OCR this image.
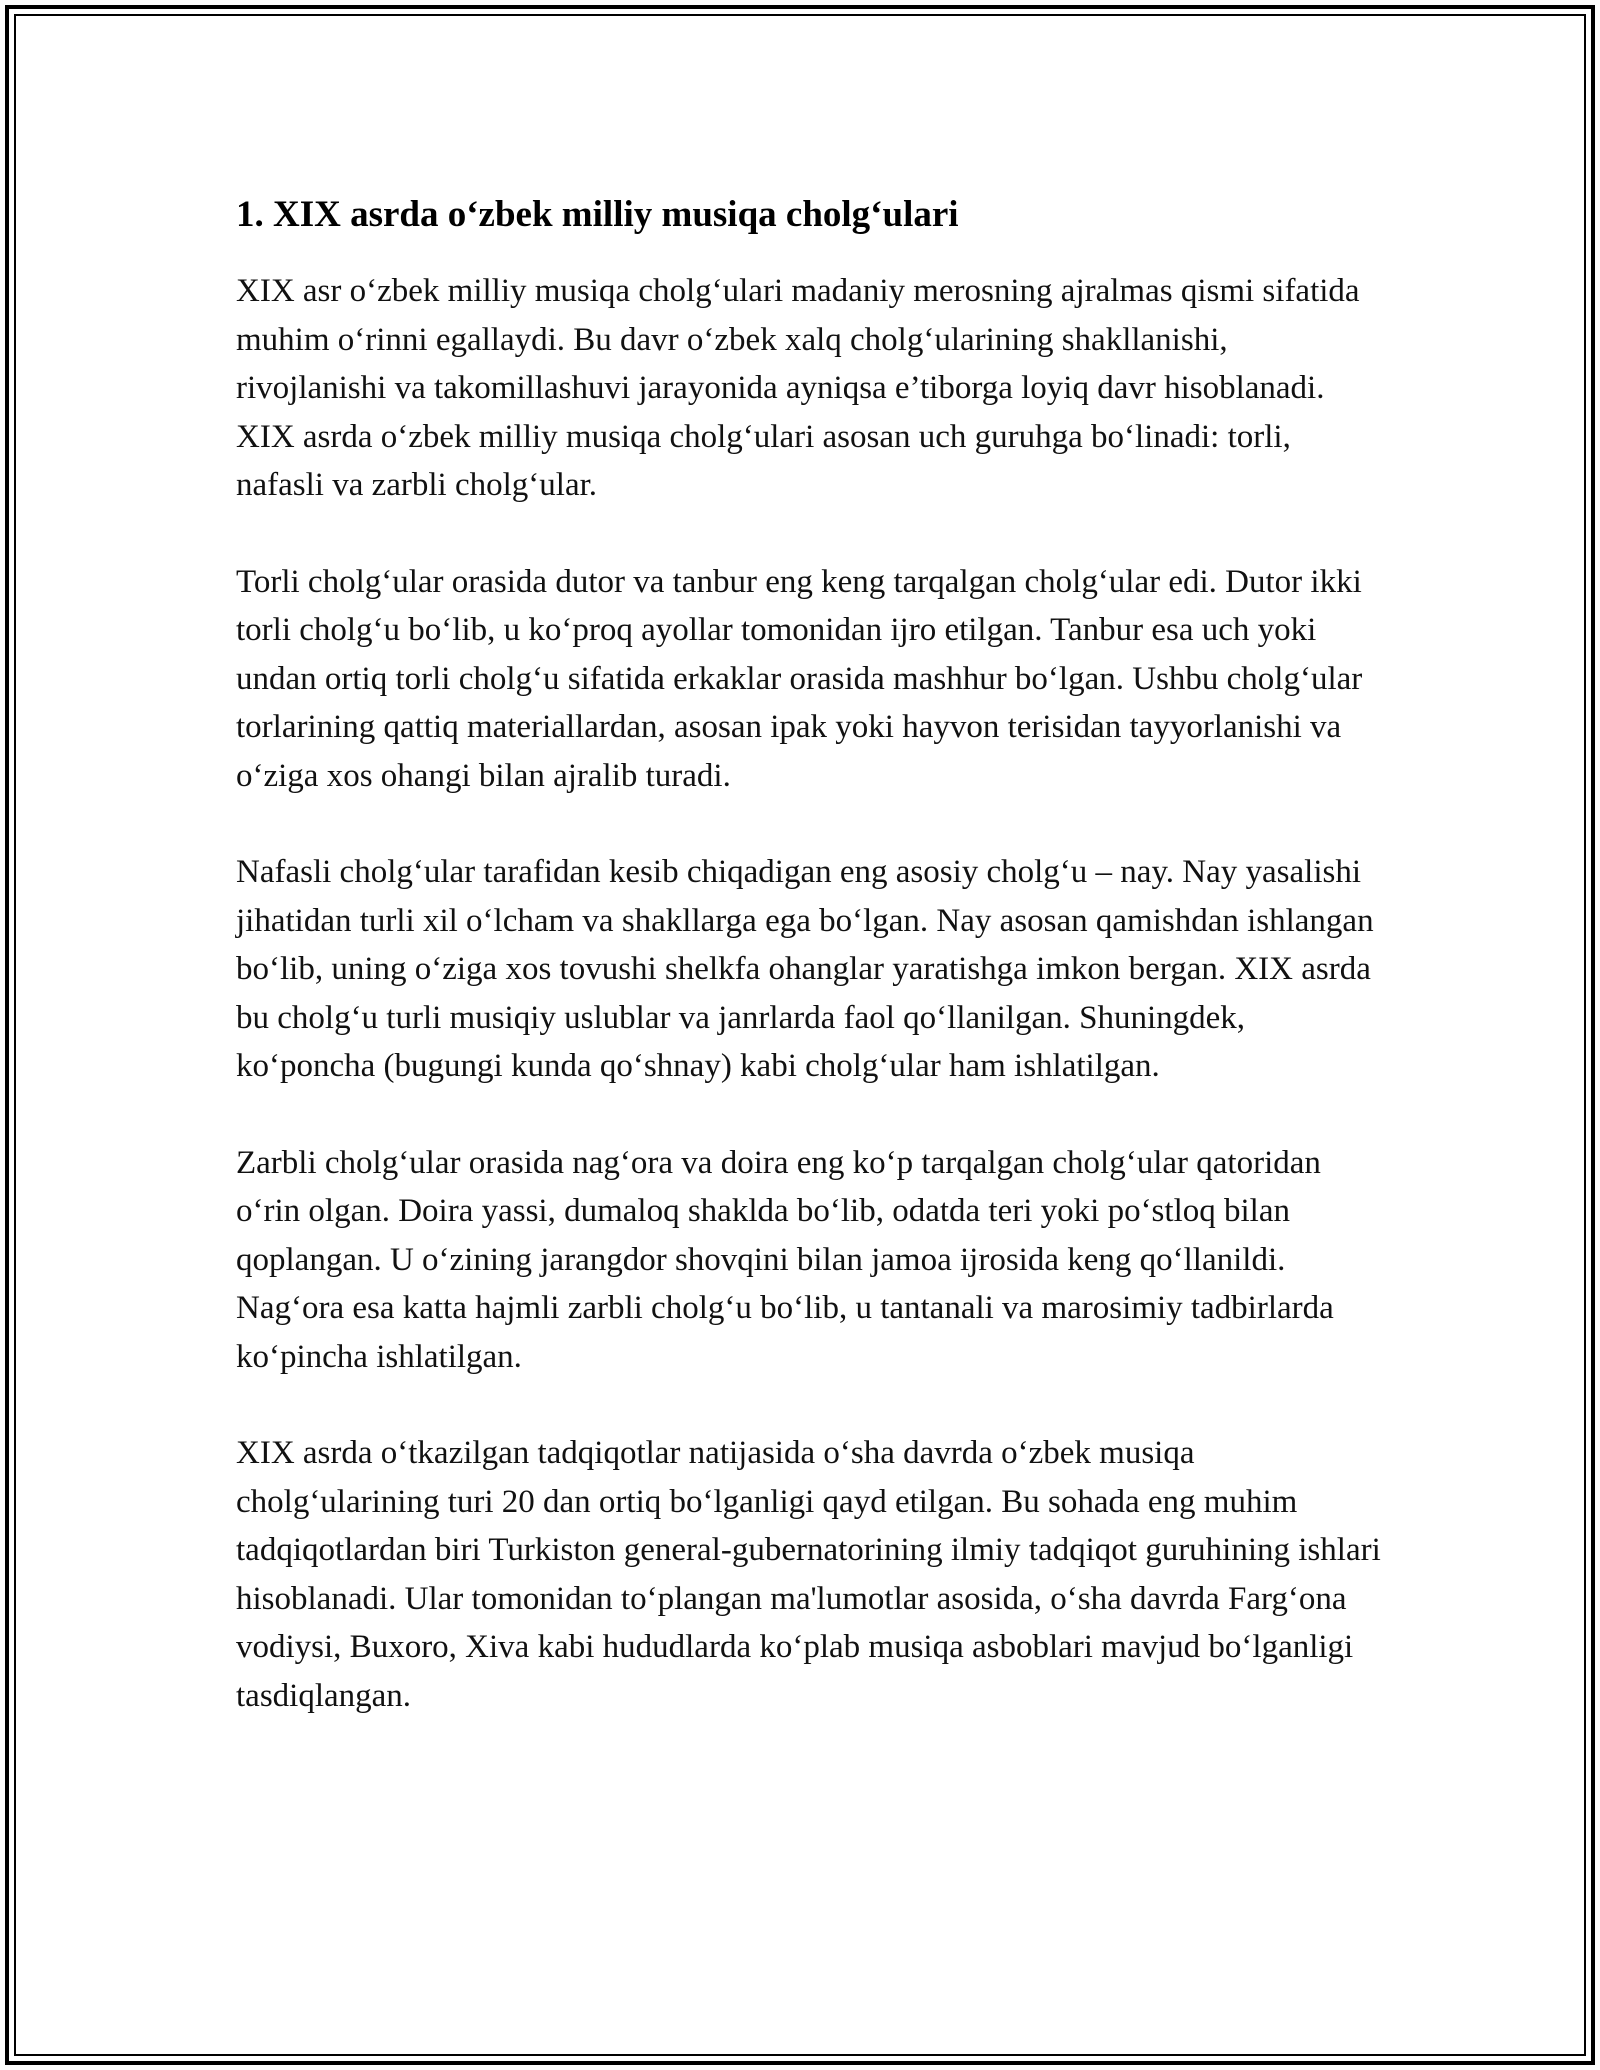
1. XIX asrda o‘zbek milliy musiqa cholg‘ulari

XIX asr o‘zbek milliy musiqa cholg‘ulari madaniy merosning ajralmas qismi sifatida muhim o‘rinni egallaydi. Bu davr o‘zbek xalq cholg‘ularining shakllanishi, rivojlanishi va takomillashuvi jarayonida ayniqsa e’tiborga loyiq davr hisoblanadi. XIX asrda o‘zbek milliy musiqa cholg‘ulari asosan uch guruhga bo‘linadi: torli, nafasli va zarbli cholg‘ular.

Torli cholg‘ular orasida dutor va tanbur eng keng tarqalgan cholg‘ular edi. Dutor ikki torli cholg‘u bo‘lib, u ko‘proq ayollar tomonidan ijro etilgan. Tanbur esa uch yoki undan ortiq torli cholg‘u sifatida erkaklar orasida mashhur bo‘lgan. Ushbu cholg‘ular torlarining qattiq materiallardan, asosan ipak yoki hayvon terisidan tayyorlanishi va o‘ziga xos ohangi bilan ajralib turadi.

Nafasli cholg‘ular tarafidan kesib chiqadigan eng asosiy cholg‘u – nay. Nay yasalishi jihatidan turli xil o‘lcham va shakllarga ega bo‘lgan. Nay asosan qamishdan ishlangan bo‘lib, uning o‘ziga xos tovushi shelkfa ohanglar yaratishga imkon bergan. XIX asrda bu cholg‘u turli musiqiy uslublar va janrlarda faol qo‘llanilgan. Shuningdek, ko‘poncha (bugungi kunda qo‘shnay) kabi cholg‘ular ham ishlatilgan.

Zarbli cholg‘ular orasida nag‘ora va doira eng ko‘p tarqalgan cholg‘ular qatoridan o‘rin olgan. Doira yassi, dumaloq shaklda bo‘lib, odatda teri yoki po‘stloq bilan qoplangan. U o‘zining jarangdor shovqini bilan jamoa ijrosida keng qo‘llanildi. Nag‘ora esa katta hajmli zarbli cholg‘u bo‘lib, u tantanali va marosimiy tadbirlarda ko‘pincha ishlatilgan.

XIX asrda o‘tkazilgan tadqiqotlar natijasida o‘sha davrda o‘zbek musiqa cholg‘ularining turi 20 dan ortiq bo‘lganligi qayd etilgan. Bu sohada eng muhim tadqiqotlardan biri Turkiston general-gubernatorining ilmiy tadqiqot guruhining ishlari hisoblanadi. Ular tomonidan to‘plangan ma'lumotlar asosida, o‘sha davrda Farg‘ona vodiysi, Buxoro, Xiva kabi hududlarda ko‘plab musiqa asboblari mavjud bo‘lganligi tasdiqlangan.
